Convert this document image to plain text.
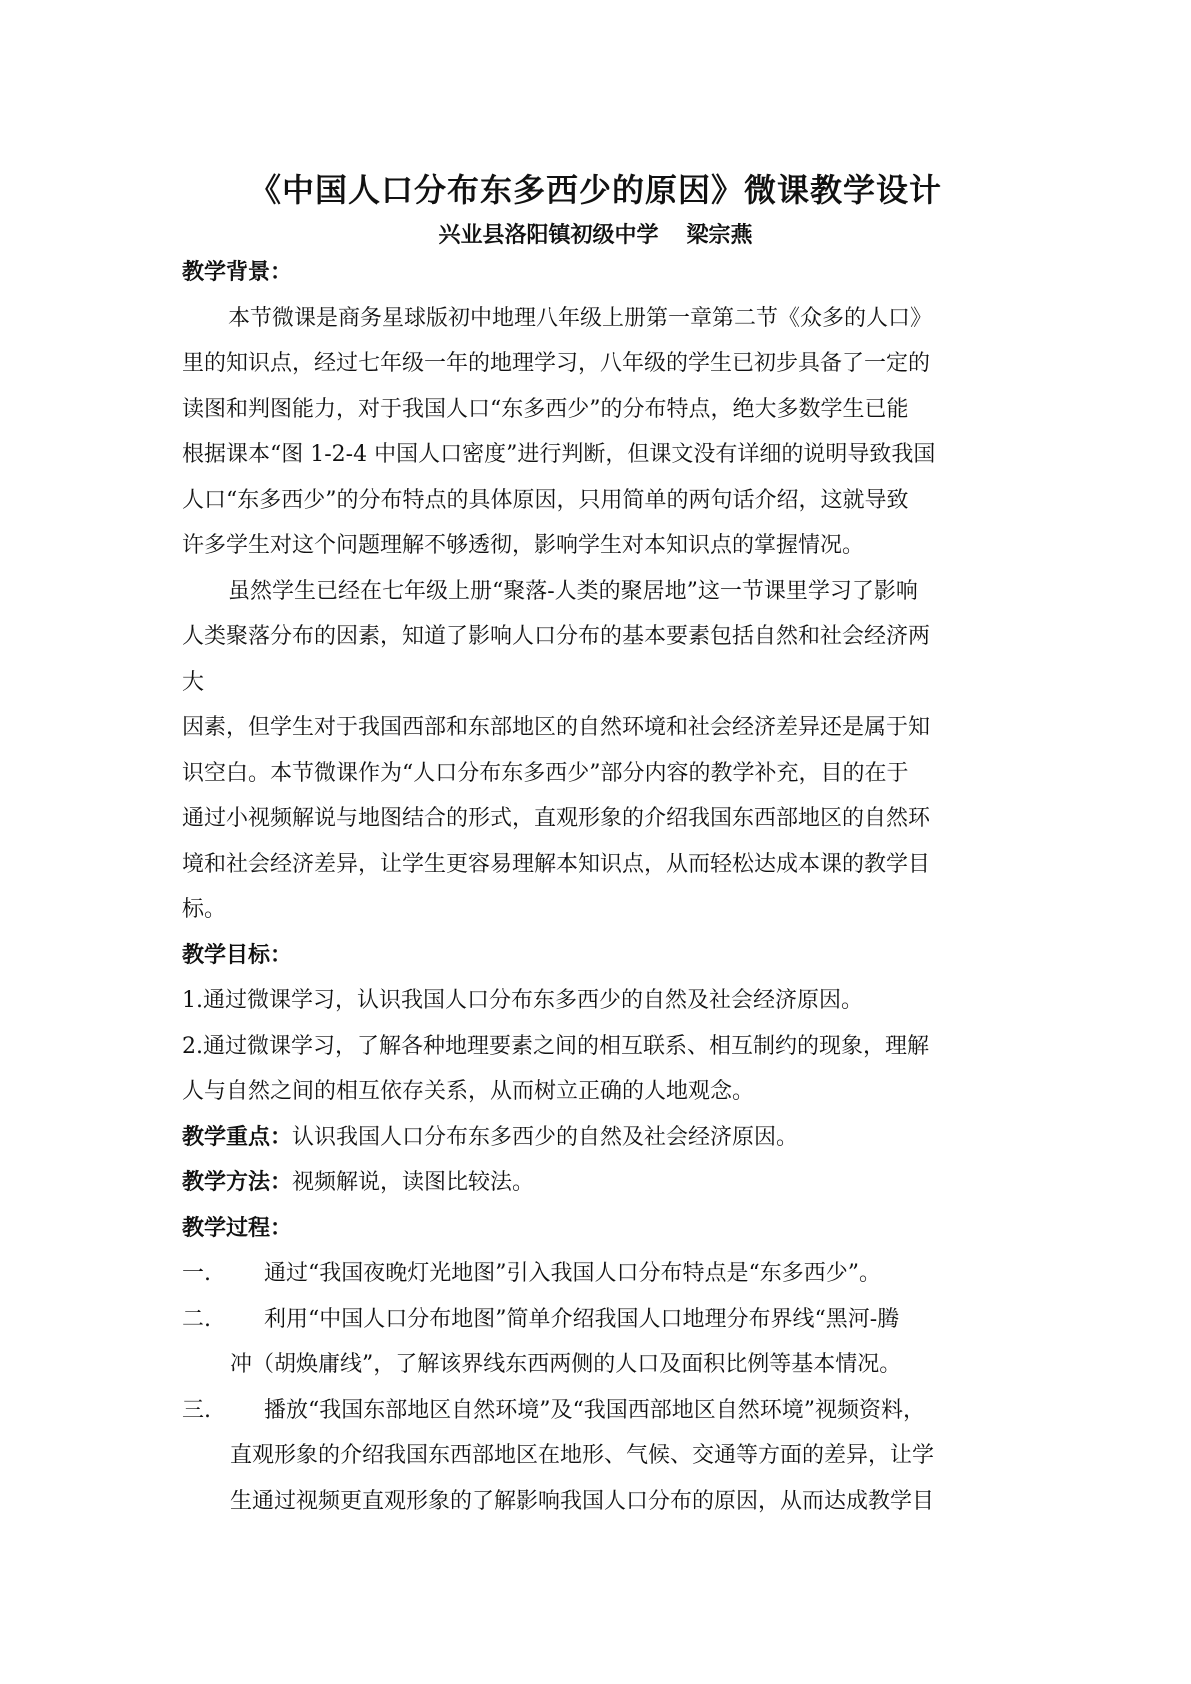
《中国人口分布东多西少的原因》微课教学设计
兴业县洛阳镇初级中学 梁宗燕
教学背景：
本节微课是商务星球版初中地理八年级上册第一章第二节《众多的人口》
里的知识点，经过七年级一年的地理学习，八年级的学生已初步具备了一定的
读图和判图能力，对于我国人口“东多西少”的分布特点，绝大多数学生已能
根据课本“图 1-2-4 中国人口密度”进行判断，但课文没有详细的说明导致我国
人口“东多西少”的分布特点的具体原因，只用简单的两句话介绍，这就导致
许多学生对这个问题理解不够透彻，影响学生对本知识点的掌握情况。
虽然学生已经在七年级上册“聚落-人类的聚居地”这一节课里学习了影响
人类聚落分布的因素，知道了影响人口分布的基本要素包括自然和社会经济两
大
因素，但学生对于我国西部和东部地区的自然环境和社会经济差异还是属于知
识空白。本节微课作为“人口分布东多西少”部分内容的教学补充，目的在于
通过小视频解说与地图结合的形式，直观形象的介绍我国东西部地区的自然环
境和社会经济差异，让学生更容易理解本知识点，从而轻松达成本课的教学目
标。
教学目标：
1.通过微课学习，认识我国人口分布东多西少的自然及社会经济原因。
2.通过微课学习，了解各种地理要素之间的相互联系、相互制约的现象，理解
人与自然之间的相互依存关系，从而树立正确的人地观念。
教学重点：认识我国人口分布东多西少的自然及社会经济原因。
教学方法：视频解说，读图比较法。
教学过程：
一. 通过“我国夜晚灯光地图”引入我国人口分布特点是“东多西少”。
二. 利用“中国人口分布地图”简单介绍我国人口地理分布界线“黑河-腾
冲（胡焕庸线”，了解该界线东西两侧的人口及面积比例等基本情况。
三. 播放“我国东部地区自然环境”及“我国西部地区自然环境”视频资料，
直观形象的介绍我国东西部地区在地形、气候、交通等方面的差异，让学
生通过视频更直观形象的了解影响我国人口分布的原因，从而达成教学目
